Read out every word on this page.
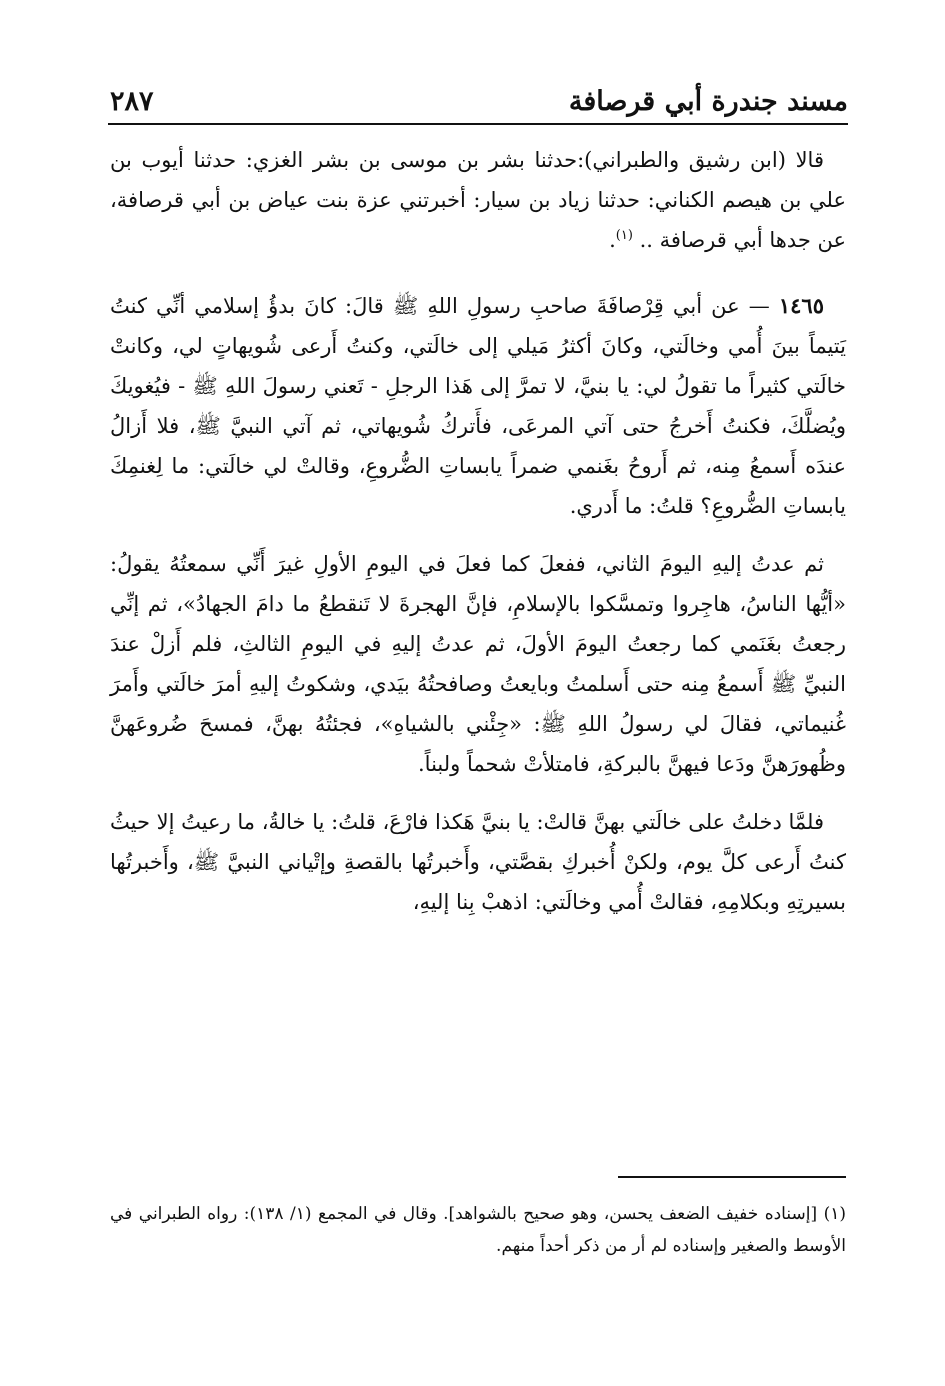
مسند جندرة أبي قرصافة
٢٨٧

قالا (ابن رشيق والطبراني):حدثنا بشر بن موسى بن بشر الغزي: حدثنا أيوب بن علي بن هيصم الكناني: حدثنا زياد بن سيار: أخبرتني عزة بنت عياض بن أبي قرصافة، عن جدها أبي قرصافة .. $^{(١)}$.

١٤٦٥ — عن أبي قِرْصافَةَ صاحبِ رسولِ اللهِ ﷺ قالَ: كانَ بدؤُ إسلامي أنِّي كنتُ يَتيماً بينَ أُمي وخالَتي، وكانَ أكثرُ مَيلي إلى خالَتي، وكنتُ أَرعى شُويهاتٍ لي، وكانتْ خالَتي كثيراً ما تقولُ لي: يا بنيَّ، لا تمرَّ إلى هَذا الرجلِ - تَعني رسولَ اللهِ ﷺ - فيُغويكَ ويُضلَّكَ، فكنتُ أَخرجُ حتى آتي المرعَى، فأَتركُ شُويهاتي، ثم آتي النبيَّ ﷺ، فلا أَزالُ عندَه أَسمعُ مِنه، ثم أَروحُ بغَنمي ضمراً يابساتِ الضُّروعِ، وقالتْ لي خالَتي: ما لِغنمِكَ يابساتِ الضُّروعِ؟ قلتُ: ما أَدري.

ثم عدتُ إليهِ اليومَ الثاني، ففعلَ كما فعلَ في اليومِ الأولِ غيرَ أَنِّي سمعتُهُ يقولُ: «أيُّها الناسُ، هاجِروا وتمسَّكوا بالإسلامِ، فإنَّ الهجرةَ لا تَنقطعُ ما دامَ الجهادُ»، ثم إنِّي رجعتُ بغَنَمي كما رجعتُ اليومَ الأولَ، ثم عدتُ إليهِ في اليومِ الثالثِ، فلم أَزلْ عندَ النبيِّ ﷺ أَسمعُ مِنه حتى أَسلمتُ وبايعتُ وصافحتُهُ بيَدي، وشكوتُ إليهِ أمرَ خالَتي وأَمرَ غُنيماتي، فقالَ لي رسولُ اللهِ ﷺ: «جِئْني بالشياهِ»، فجئتُهُ بهنَّ، فمسحَ ضُروعَهنَّ وظُهورَهنَّ ودَعا فيهنَّ بالبركةِ، فامتلأتْ شحماً ولبناً.

فلمَّا دخلتُ على خالَتي بهنَّ قالتْ: يا بنيَّ هَكذا فارْعَ، قلتُ: يا خالةُ، ما رعيتُ إلا حيثُ كنتُ أَرعى كلَّ يوم، ولكنْ أُخبركِ بقصَّتي، وأَخبرتُها بالقصةِ وإتْياني النبيَّ ﷺ، وأَخبرتُها بسيرتِهِ وبكلامِهِ، فقالتْ أُمي وخالَتي: اذهبْ بِنا إليهِ،

(١) [إسناده خفيف الضعف يحسن، وهو صحيح بالشواهد]. وقال في المجمع (١/ ١٣٨): رواه الطبراني في الأوسط والصغير وإسناده لم أر من ذكر أحداً منهم.
